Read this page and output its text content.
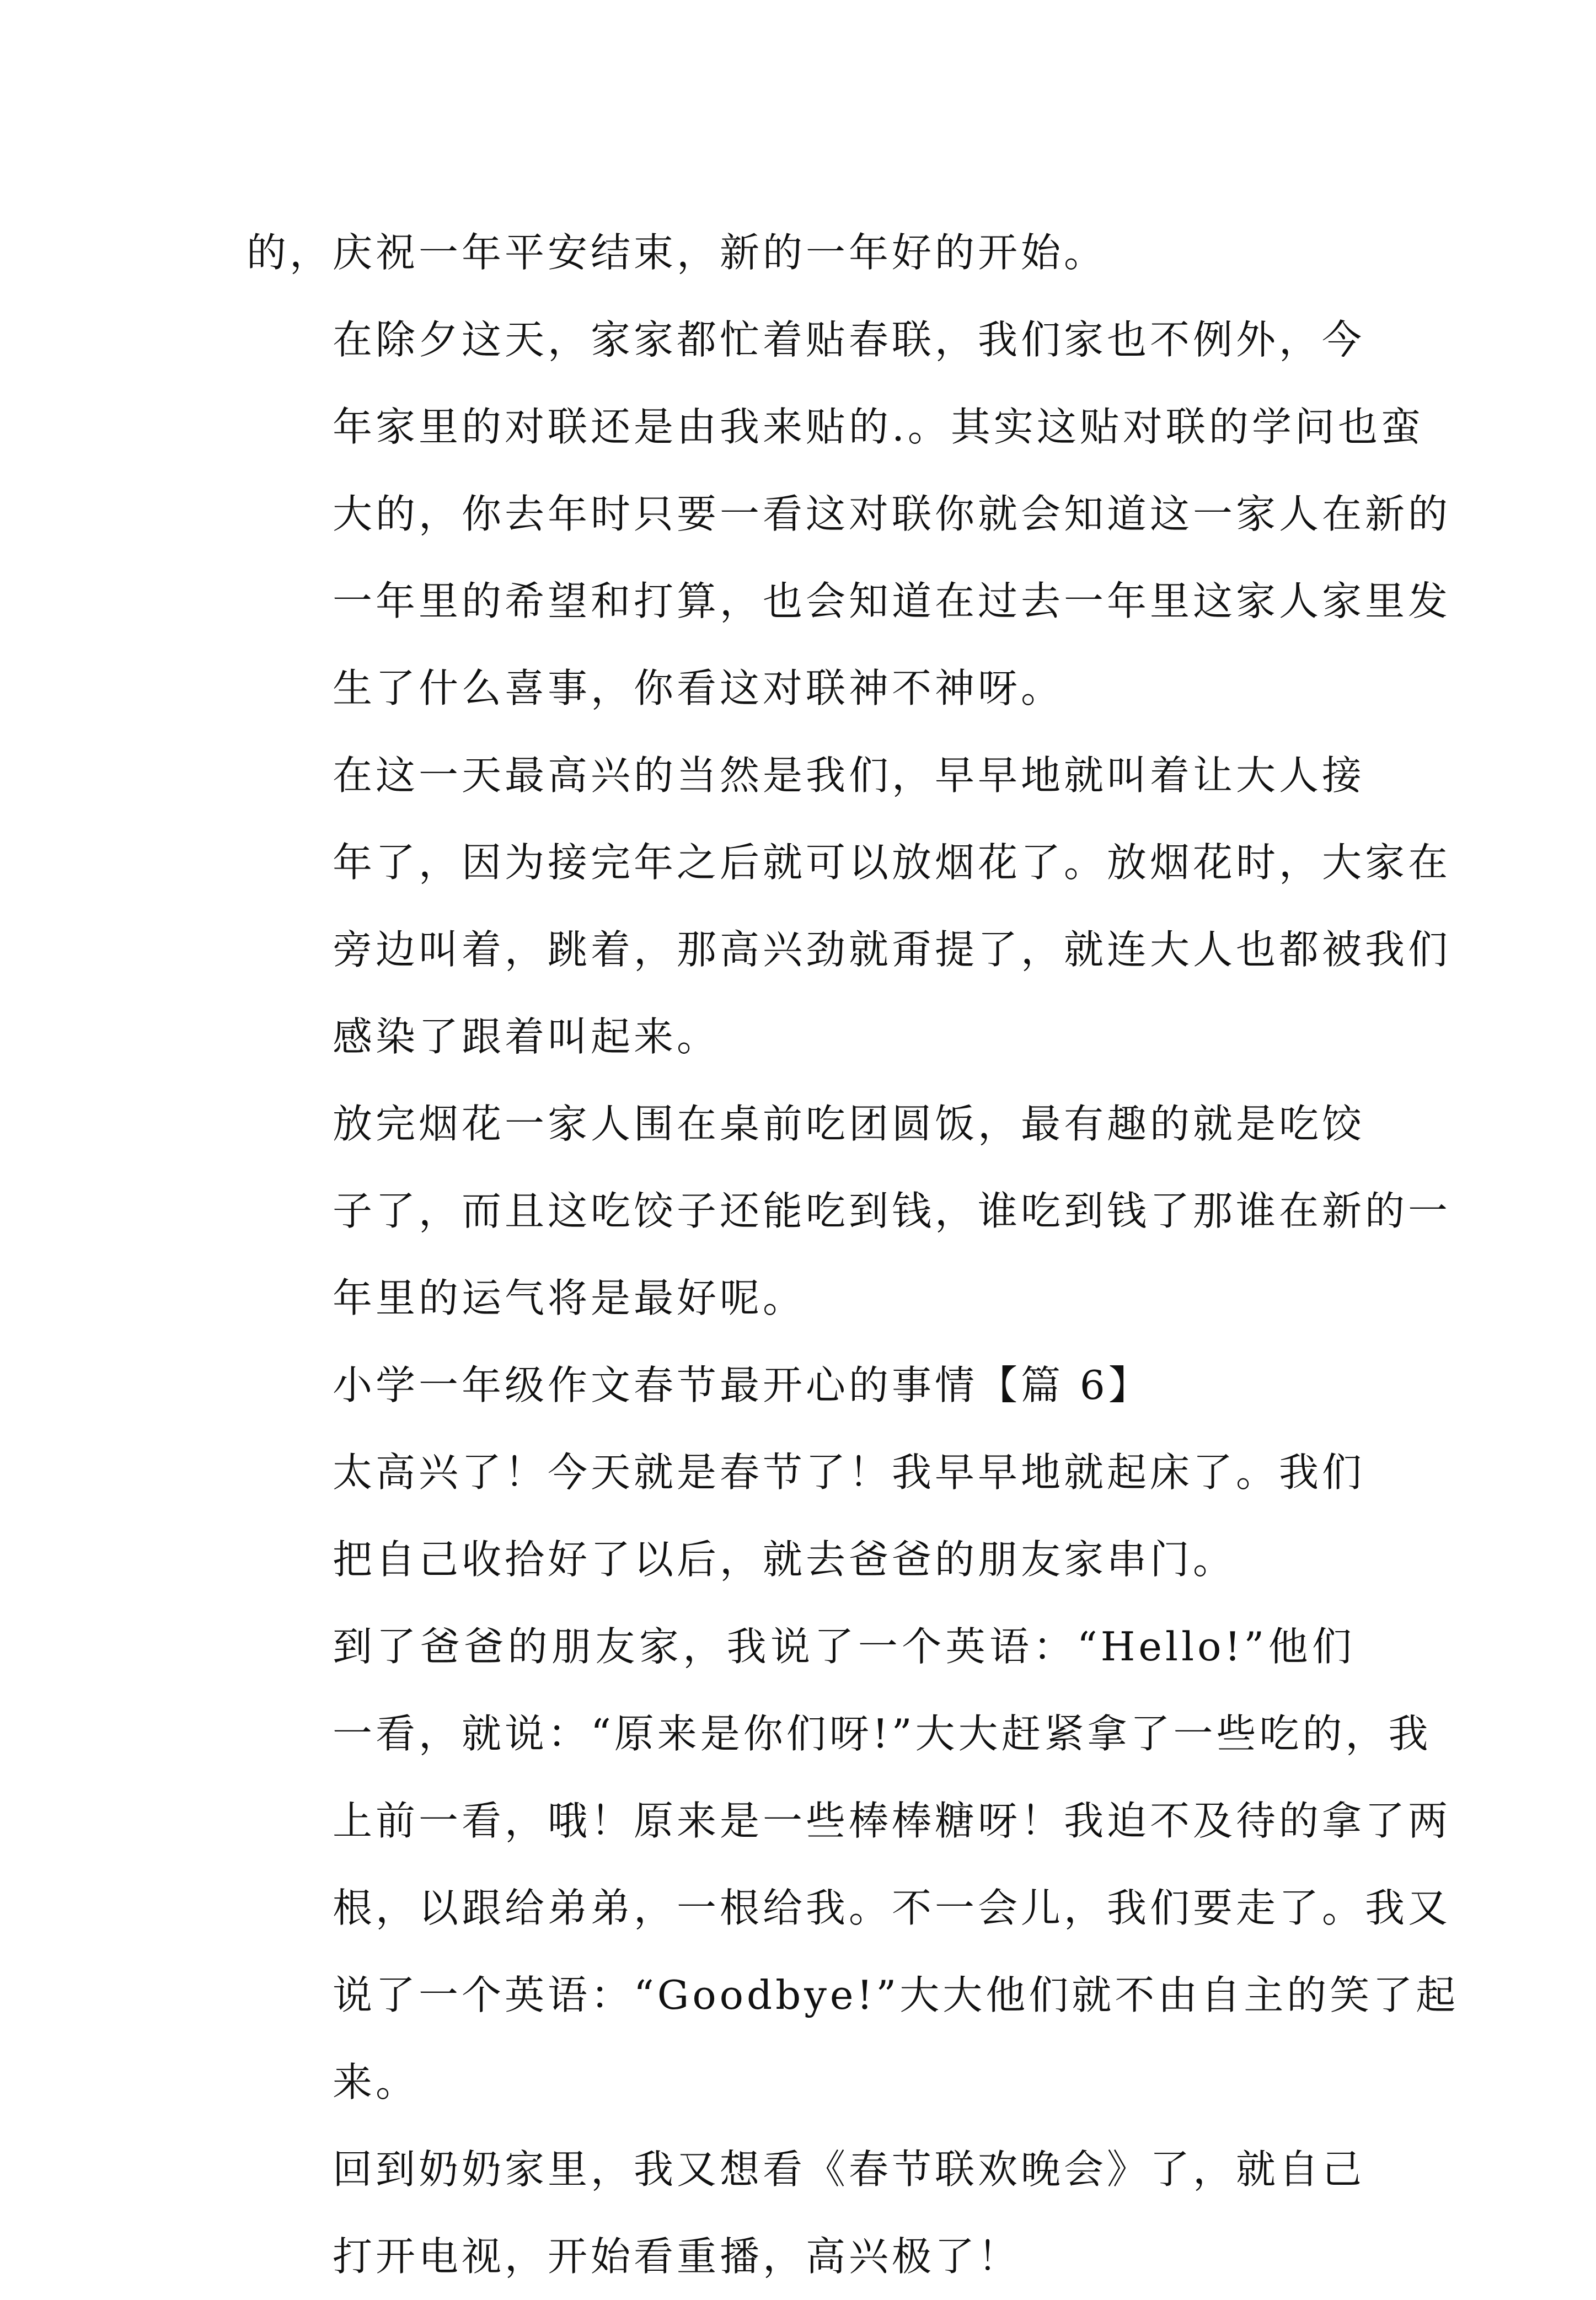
的，庆祝一年平安结束，新的一年好的开始。
在除夕这天，家家都忙着贴春联，我们家也不例外，今
年家里的对联还是由我来贴的.。其实这贴对联的学问也蛮
大的，你去年时只要一看这对联你就会知道这一家人在新的
一年里的希望和打算，也会知道在过去一年里这家人家里发
生了什么喜事，你看这对联神不神呀。
在这一天最高兴的当然是我们，早早地就叫着让大人接
年了，因为接完年之后就可以放烟花了。放烟花时，大家在
旁边叫着，跳着，那高兴劲就甭提了，就连大人也都被我们
感染了跟着叫起来。
放完烟花一家人围在桌前吃团圆饭，最有趣的就是吃饺
子了，而且这吃饺子还能吃到钱，谁吃到钱了那谁在新的一
年里的运气将是最好呢。
小学一年级作文春节最开心的事情【篇 6】
太高兴了！今天就是春节了！我早早地就起床了。我们
把自己收拾好了以后，就去爸爸的朋友家串门。
到了爸爸的朋友家，我说了一个英语：“Hello!”他们
一看，就说：“原来是你们呀!”大大赶紧拿了一些吃的，我
上前一看，哦！原来是一些棒棒糖呀！我迫不及待的拿了两
根，以跟给弟弟，一根给我。不一会儿，我们要走了。我又
说了一个英语：“Goodbye!”大大他们就不由自主的笑了起
来。
回到奶奶家里，我又想看《春节联欢晚会》了，就自己
打开电视，开始看重播，高兴极了！
